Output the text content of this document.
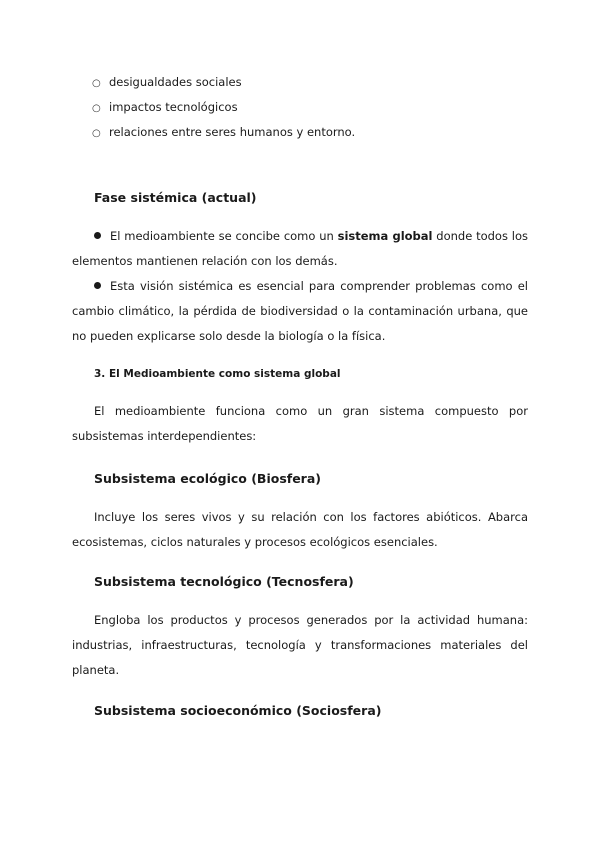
○ desigualdades sociales
○ impactos tecnológicos
○ relaciones entre seres humanos y entorno.
Fase sistémica (actual)

El medioambiente se concibe como un sistema global donde todos los elementos mantienen relación con los demás.

Esta visión sistémica es esencial para comprender problemas como el cambio climático, la pérdida de biodiversidad o la contaminación urbana, que no pueden explicarse solo desde la biología o la física.

3. El Medioambiente como sistema global

El medioambiente funciona como un gran sistema compuesto por subsistemas interdependientes:

Subsistema ecológico (Biosfera)

Incluye los seres vivos y su relación con los factores abióticos. Abarca ecosistemas, ciclos naturales y procesos ecológicos esenciales.

Subsistema tecnológico (Tecnosfera)

Engloba los productos y procesos generados por la actividad humana: industrias, infraestructuras, tecnología y transformaciones materiales del planeta.

Subsistema socioeconómico (Sociosfera)
